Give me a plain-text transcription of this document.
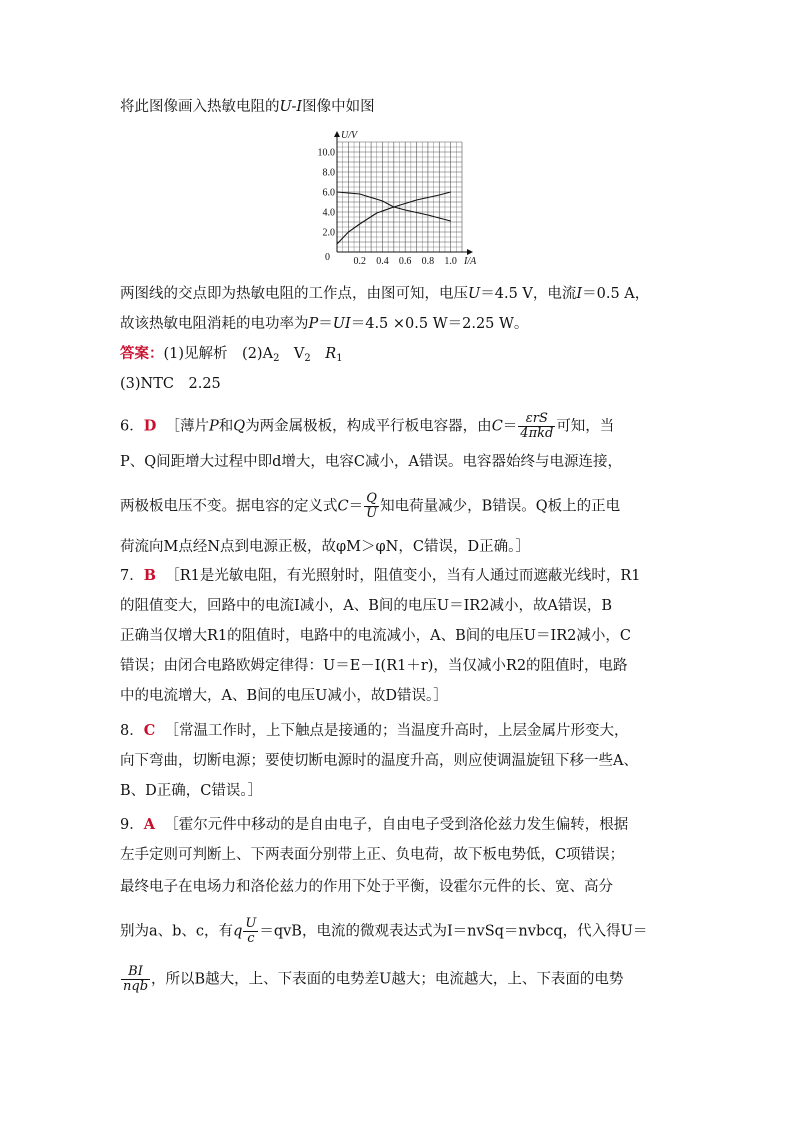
将此图像画入热敏电阻的U-I图像中如图
0.2 0.4 0.6 0.8 1.0
2.0
4.0
6.0
8.0
10.0
0
U/V
I/A
两图线的交点即为热敏电阻的工作点，由图可知，电压U＝4.5 V，电流I＝0.5 A，
故该热敏电阻消耗的电功率为P＝UI＝4.5 ×0.5 W＝2.25 W。
答案：(1)见解析　$(2)A_2$　$V_2$　$R_1$
(3)NTC　2.25
6．D ［薄片P和Q为两金属极板，构成平行板电容器，由$C= \frac{\text{εrS}}{\text{4πkd}}$ 可知，当
P、Q间距增大过程中即d增大，电容C减小，A错误。电容器始终与电源连接，
两极板电压不变。据电容的定义式$C= \frac{Q}{U}$ 知电荷量减少，B错误。Q板上的正电
荷流向M点经N点到电源正极，故φM＞φN，C错误，D正确。］
7．B ［R1是光敏电阻，有光照射时，阻值变小，当有人通过而遮蔽光线时，R1
的阻值变大，回路中的电流I减小，A、B间的电压U＝IR2减小，故A错误，B
正确当仅增大R1的阻值时，电路中的电流减小，A、B间的电压U＝IR2减小，C
错误；由闭合电路欧姆定律得：U＝E－I(R1＋r)，当仅减小R2的阻值时，电路
中的电流增大，A、B间的电压U减小，故D错误。］
8．C ［常温工作时，上下触点是接通的；当温度升高时，上层金属片形变大，
向下弯曲，切断电源；要使切断电源时的温度升高，则应使调温旋钮下移一些A、
B、D正确，C错误。］
9．A ［霍尔元件中移动的是自由电子，自由电子受到洛伦兹力发生偏转，根据
左手定则可判断上、下两表面分别带上正、负电荷，故下板电势低，C项错误；
最终电子在电场力和洛伦兹力的作用下处于平衡，设霍尔元件的长、宽、高分
别为a、b、c，有q $\frac{U}{c} =qvB$，电流的微观表达式为I＝nvSq＝nvbcq，代入得U＝
$\frac{BI}{\text{nqb}}$ ，所以B越大，上、下表面的电势差U越大；电流越大，上、下表面的电势
